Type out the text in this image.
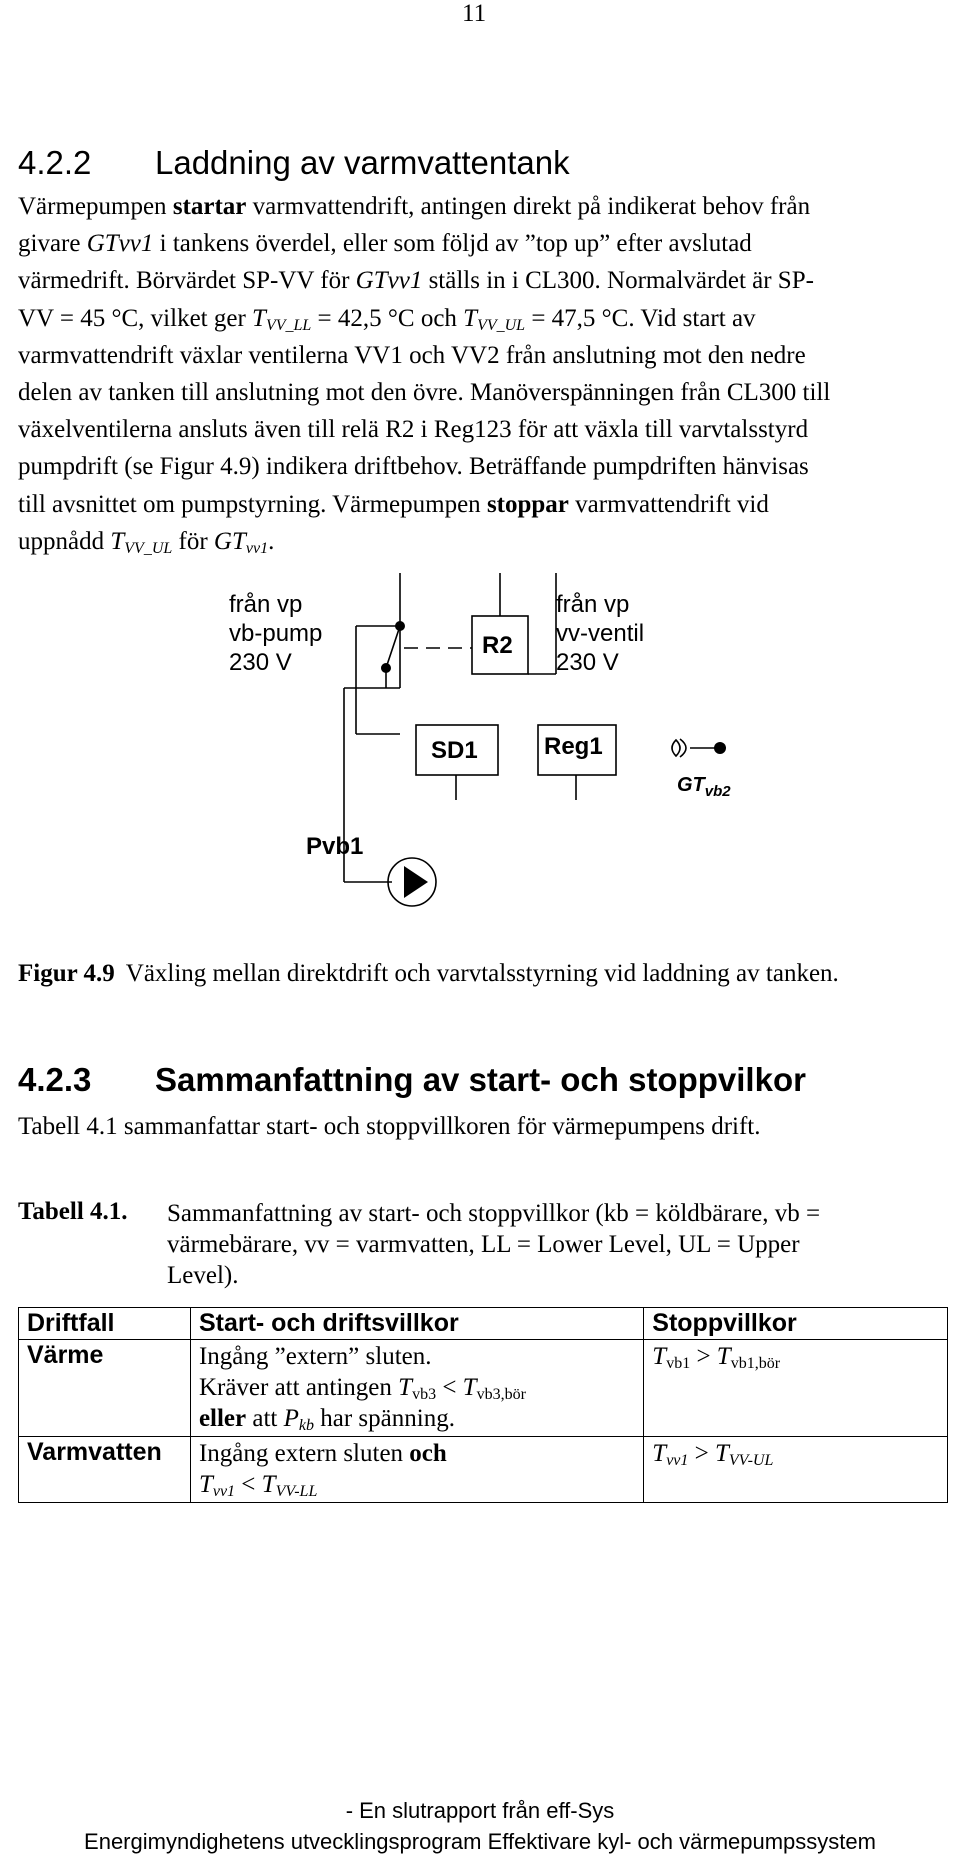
11
4.2.2 Laddning av varmvattentank

Värmepumpen startar varmvattendrift, antingen direkt på indikerat behov från

givare GTvv1 i tankens överdel, eller som följd av ”top up” efter avslutad

värmedrift. Börvärdet SP-VV för GTvv1 ställs in i CL300. Normalvärdet är SP-

VV = 45 °C, vilket ger $T_{VV\_LL} = 42,5$ °C och $T_{VV\_UL} = 47,5$ °C. Vid start av

varmvattendrift växlar ventilerna VV1 och VV2 från anslutning mot den nedre

delen av tanken till anslutning mot den övre. Manöverspänningen från CL300 till

växelventilerna ansluts även till relä R2 i Reg123 för att växla till varvtalsstyrd

pumpdrift (se Figur 4.9) indikera driftbehov. Beträffande pumpdriften hänvisas

till avsnittet om pumpstyrning. Värmepumpen stoppar varmvattendrift vid

uppnådd $T_{VV\_UL}$ för $GT_{vv1}$.

från vp
vb-pump
230 V
från vp
vv-ventil
230 V
R2
SD1	Reg1
$GT_{vb2}$
Pvb1
Figur 4.9 Växling mellan direktdrift och varvtalsstyrning vid laddning av tanken.
4.2.3 Sammanfattning av start- och stoppvilkor
Tabell 4.1 sammanfattar start- och stoppvillkoren för värmepumpens drift.
Tabell 4.1. Sammanfattning av start- och stoppvillkor (kb = köldbärare, vb =
värmebärare, vv = varmvatten, LL = Lower Level, UL = Upper
Level).
Driftfall	Start- och driftsvillkor	Stoppvillkor
Värme	Ingång ”extern” sluten.
Kräver att antingen $T_{vb3} < T_{vb3,bör}$
eller att $P_{kb}$ har spänning.	$T_{vb1} > T_{vb1,bör}$
Varmvatten	Ingång extern sluten och
$T_{vv1} < T_{VV-LL}$	$T_{vv1} > T_{VV-UL}$
- En slutrapport från eff-Sys
Energimyndighetens utvecklingsprogram Effektivare kyl- och värmepumpssystem
